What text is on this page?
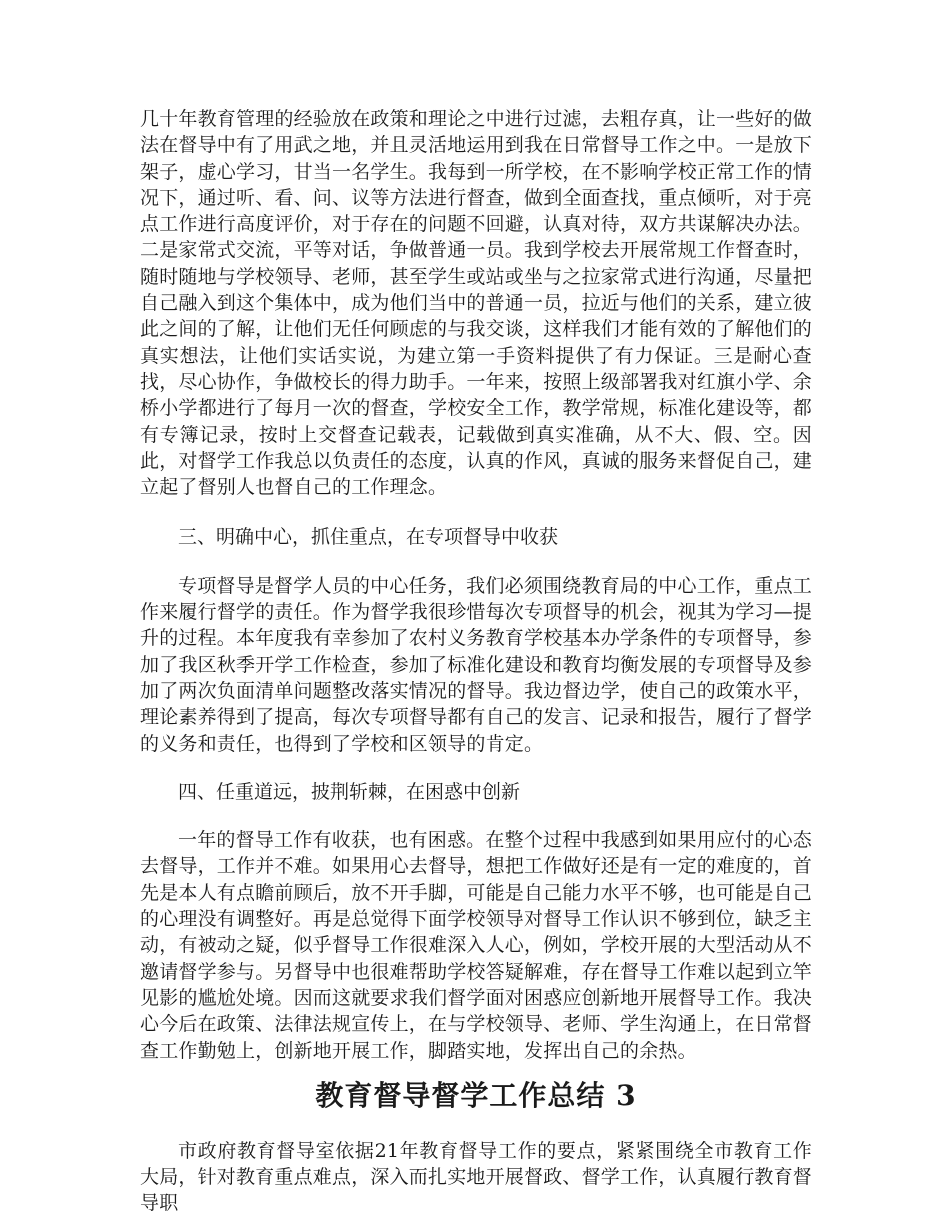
几十年教育管理的经验放在政策和理论之中进行过滤，去粗存真，让一些好的做法在督导中有了用武之地，并且灵活地运用到我在日常督导工作之中。一是放下架子，虚心学习，甘当一名学生。我每到一所学校，在不影响学校正常工作的情况下，通过听、看、问、议等方法进行督查，做到全面查找，重点倾听，对于亮点工作进行高度评价，对于存在的问题不回避，认真对待，双方共谋解决办法。二是家常式交流，平等对话，争做普通一员。我到学校去开展常规工作督查时，随时随地与学校领导、老师，甚至学生或站或坐与之拉家常式进行沟通，尽量把自己融入到这个集体中，成为他们当中的普通一员，拉近与他们的关系，建立彼此之间的了解，让他们无任何顾虑的与我交谈，这样我们才能有效的了解他们的真实想法，让他们实话实说，为建立第一手资料提供了有力保证。三是耐心查找，尽心协作，争做校长的得力助手。一年来，按照上级部署我对红旗小学、余桥小学都进行了每月一次的督查，学校安全工作，教学常规，标准化建设等，都有专簿记录，按时上交督查记载表，记载做到真实准确，从不大、假、空。因此，对督学工作我总以负责任的态度，认真的作风，真诚的服务来督促自己，建立起了督别人也督自己的工作理念。

三、明确中心，抓住重点，在专项督导中收获

专项督导是督学人员的中心任务，我们必须围绕教育局的中心工作，重点工作来履行督学的责任。作为督学我很珍惜每次专项督导的机会，视其为学习—提升的过程。本年度我有幸参加了农村义务教育学校基本办学条件的专项督导，参加了我区秋季开学工作检查，参加了标准化建设和教育均衡发展的专项督导及参加了两次负面清单问题整改落实情况的督导。我边督边学，使自己的政策水平，理论素养得到了提高，每次专项督导都有自己的发言、记录和报告，履行了督学的义务和责任，也得到了学校和区领导的肯定。

四、任重道远，披荆斩棘，在困惑中创新

一年的督导工作有收获，也有困惑。在整个过程中我感到如果用应付的心态去督导，工作并不难。如果用心去督导，想把工作做好还是有一定的难度的，首先是本人有点瞻前顾后，放不开手脚，可能是自己能力水平不够，也可能是自己的心理没有调整好。再是总觉得下面学校领导对督导工作认识不够到位，缺乏主动，有被动之疑，似乎督导工作很难深入人心，例如，学校开展的大型活动从不邀请督学参与。另督导中也很难帮助学校答疑解难，存在督导工作难以起到立竿见影的尴尬处境。因而这就要求我们督学面对困惑应创新地开展督导工作。我决心今后在政策、法律法规宣传上，在与学校领导、老师、学生沟通上，在日常督查工作勤勉上，创新地开展工作，脚踏实地，发挥出自己的余热。

教育督导督学工作总结 3

市政府教育督导室依据21年教育督导工作的要点，紧紧围绕全市教育工作大局，针对教育重点难点，深入而扎实地开展督政、督学工作，认真履行教育督导职
